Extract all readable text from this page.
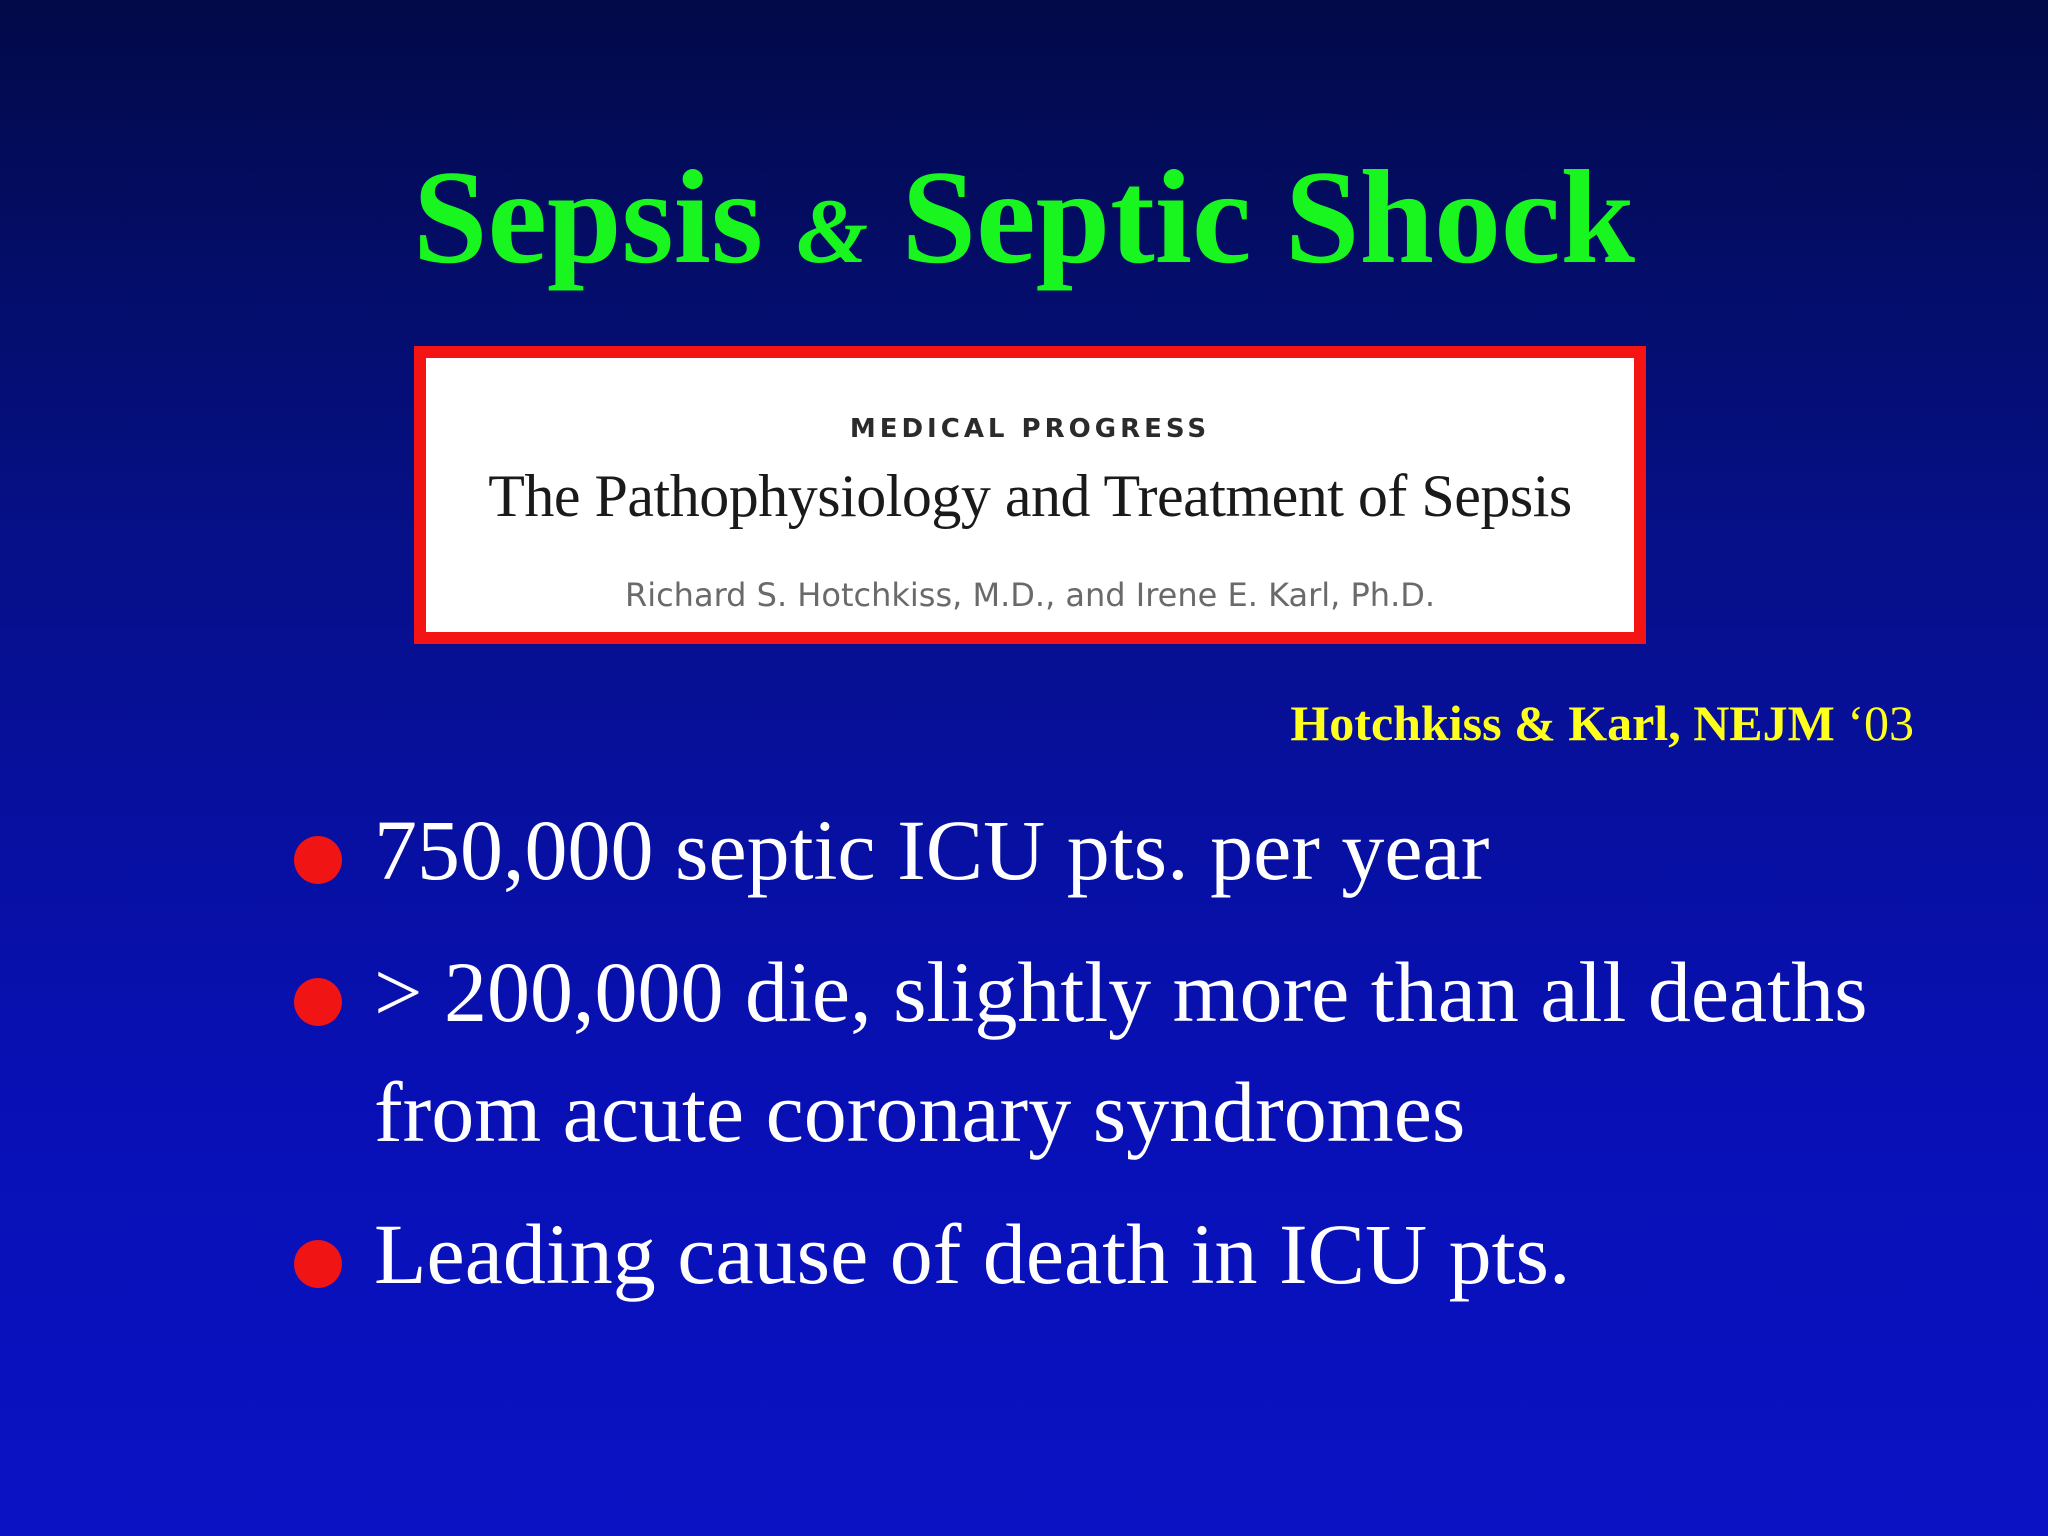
Sepsis & Septic Shock
MEDICAL PROGRESS
The Pathophysiology and Treatment of Sepsis
Richard S. Hotchkiss, M.D., and Irene E. Karl, Ph.D.
Hotchkiss & Karl, NEJM ‘03
750,000 septic ICU pts. per year
> 200,000 die, slightly more than all deaths from acute coronary syndromes
Leading cause of death in ICU pts.
